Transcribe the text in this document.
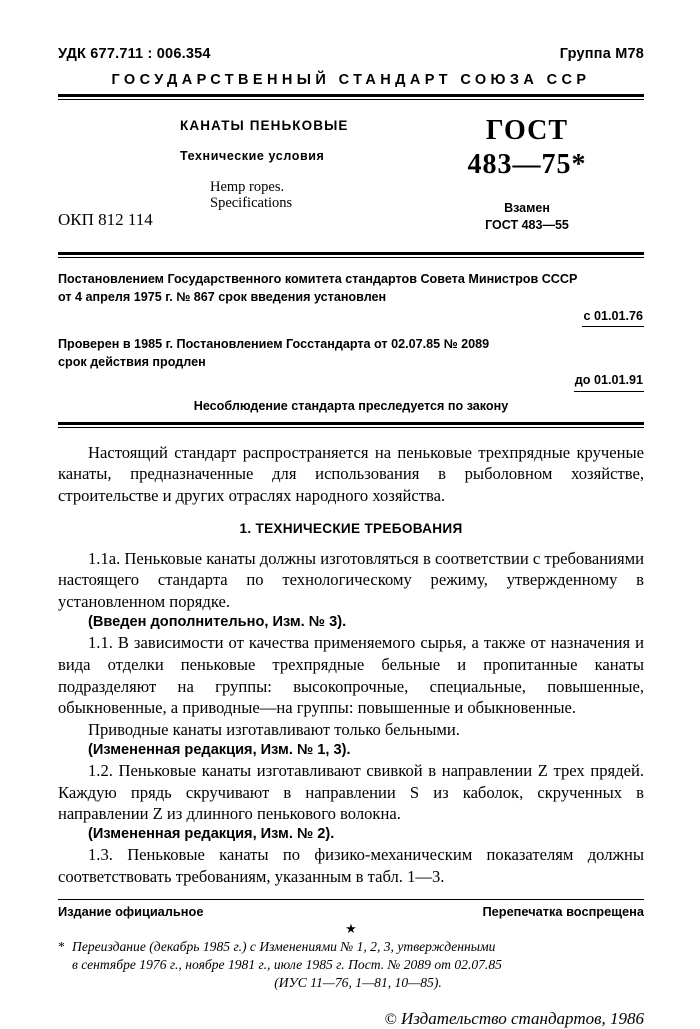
УДК 677.711 : 006.354	Группа М78
ГОСУДАРСТВЕННЫЙ СТАНДАРТ СОЮЗА ССР
КАНАТЫ ПЕНЬКОВЫЕ
Технические условия
Hemp ropes.
Specifications
ГОСТ
483—75*
Взамен
ГОСТ 483—55
ОКП 812 114

Постановлением Государственного комитета стандартов Совета Министров СССР

от 4 апреля 1975 г. № 867 срок введения установлен

с 01.01.76

Проверен в 1985 г. Постановлением Госстандарта от 02.07.85 № 2089

срок действия продлен

до 01.01.91
Несоблюдение стандарта преследуется по закону

Настоящий стандарт распространяется на пеньковые трехпрядные крученые канаты, предназначенные для использования в рыболовном хозяйстве, строительстве и других отраслях народного хозяйства.

1. ТЕХНИЧЕСКИЕ ТРЕБОВАНИЯ

1.1а. Пеньковые канаты должны изготовляться в соответствии с требованиями настоящего стандарта по технологическому режиму, утвержденному в установленном порядке.

(Введен дополнительно, Изм. № 3).

1.1. В зависимости от качества применяемого сырья, а также от назначения и вида отделки пеньковые трехпрядные бельные и пропитанные канаты подразделяют на группы: высокопрочные, специальные, повышенные, обыкновенные, а приводные—на группы: повышенные и обыкновенные.

Приводные канаты изготавливают только бельными.

(Измененная редакция, Изм. № 1, 3).

1.2. Пеньковые канаты изготавливают свивкой в направлении Z трех прядей. Каждую прядь скручивают в направлении S из каболок, скрученных в направлении Z из длинного пенькового волокна.

(Измененная редакция, Изм. № 2).

1.3. Пеньковые канаты по физико-механическим показателям должны соответствовать требованиям, указанным в табл. 1—3.

Издание официальное	Перепечатка воспрещена
★
* Переиздание (декабрь 1985 г.) с Изменениями № 1, 2, 3, утвержденными
в сентябре 1976 г., ноябре 1981 г., июле 1985 г. Пост. № 2089 от 02.07.85
(ИУС 11—76, 1—81, 10—85).
© Издательство стандартов, 1986
